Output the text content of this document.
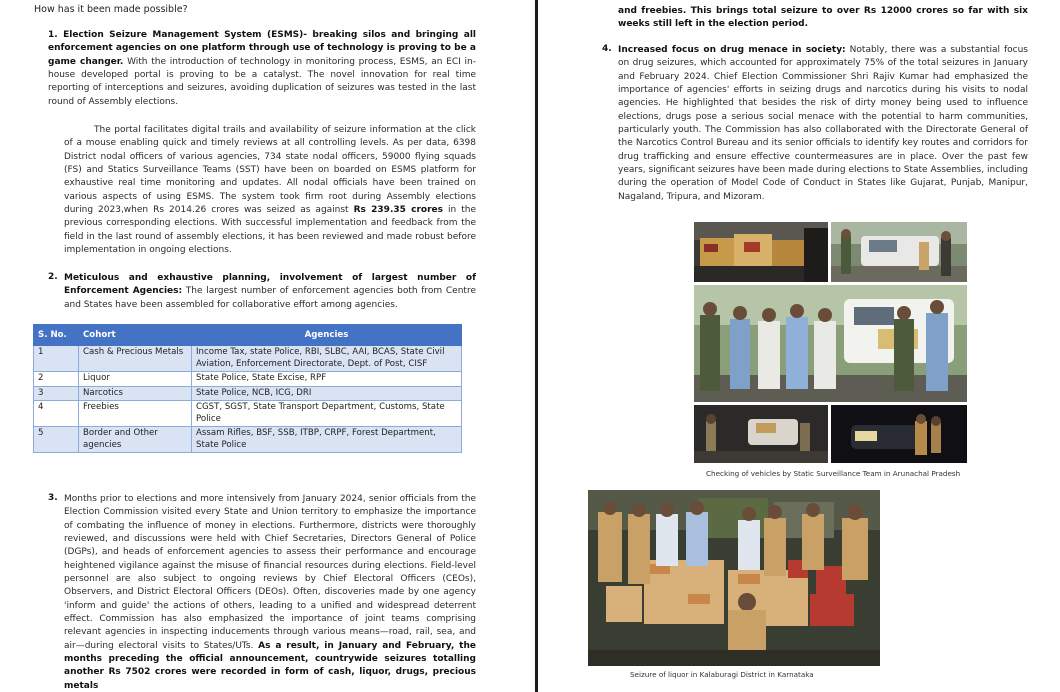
How has it been made possible?

1. Election Seizure Management System (ESMS)- breaking silos and bringing all enforcement agencies on one platform through use of technology is proving to be a game changer. With the introduction of technology in monitoring process, ESMS, an ECI in-house developed portal is proving to be a catalyst. The novel innovation for real time reporting of interceptions and seizures, avoiding duplication of seizures was tested in the last round of Assembly elections.

The portal facilitates digital trails and availability of seizure information at the click of a mouse enabling quick and timely reviews at all controlling levels. As per data, 6398 District nodal officers of various agencies, 734 state nodal officers, 59000 flying squads (FS) and Statics Surveillance Teams (SST) have been on boarded on ESMS platform for exhaustive real time monitoring and updates. All nodal officials have been trained on various aspects of using ESMS. The system took firm root during Assembly elections during 2023,when Rs 2014.26 crores was seized as against Rs 239.35 crores in the previous corresponding elections. With successful implementation and feedback from the field in the last round of assembly elections, it has been reviewed and made robust before implementation in ongoing elections.

2. Meticulous and exhaustive planning, involvement of largest number of Enforcement Agencies: The largest number of enforcement agencies both from Centre and States have been assembled for collaborative effort among agencies.

S. No.	Cohort	Agencies
1	Cash & Precious Metals	Income Tax, state Police, RBI, SLBC, AAI, BCAS, State Civil Aviation, Enforcement Directorate, Dept. of Post, CISF
2	Liquor	State Police, State Excise, RPF
3	Narcotics	State Police, NCB, ICG, DRI
4	Freebies	CGST, SGST, State Transport Department, Customs, State Police
5	Border and Other agencies	Assam Rifles, BSF, SSB, ITBP, CRPF, Forest Department, State Police
3. Months prior to elections and more intensively from January 2024, senior officials from the Election Commission visited every State and Union territory to emphasize the importance of combating the influence of money in elections. Furthermore, districts were thoroughly reviewed, and discussions were held with Chief Secretaries, Directors General of Police (DGPs), and heads of enforcement agencies to assess their performance and encourage heightened vigilance against the misuse of financial resources during elections. Field-level personnel are also subject to ongoing reviews by Chief Electoral Officers (CEOs), Observers, and District Electoral Officers (DEOs). Often, discoveries made by one agency 'inform and guide' the actions of others, leading to a unified and widespread deterrent effect. Commission has also emphasized the importance of joint teams comprising relevant agencies in inspecting inducements through various means—road, rail, sea, and air—during electoral visits to States/UTs. As a result, in January and February, the months preceding the official announcement, countrywide seizures totalling another Rs 7502 crores were recorded in form of cash, liquor, drugs, precious metals

and freebies. This brings total seizure to over Rs 12000 crores so far with six weeks still left in the election period.

4. Increased focus on drug menace in society: Notably, there was a substantial focus on drug seizures, which accounted for approximately 75% of the total seizures in January and February 2024. Chief Election Commissioner Shri Rajiv Kumar had emphasized the importance of agencies' efforts in seizing drugs and narcotics during his visits to nodal agencies. He highlighted that besides the risk of dirty money being used to influence elections, drugs pose a serious social menace with the potential to harm communities, particularly youth. The Commission has also collaborated with the Directorate General of the Narcotics Control Bureau and its senior officials to identify key routes and corridors for drug trafficking and ensure effective countermeasures are in place. Over the past few years, significant seizures have been made during elections to State Assemblies, including during the operation of Model Code of Conduct in States like Gujarat, Punjab, Manipur, Nagaland, Tripura, and Mizoram.

Checking of vehicles by Static Surveillance Team in Arunachal Pradesh
Seizure of liquor in Kalaburagi District in Karnataka
